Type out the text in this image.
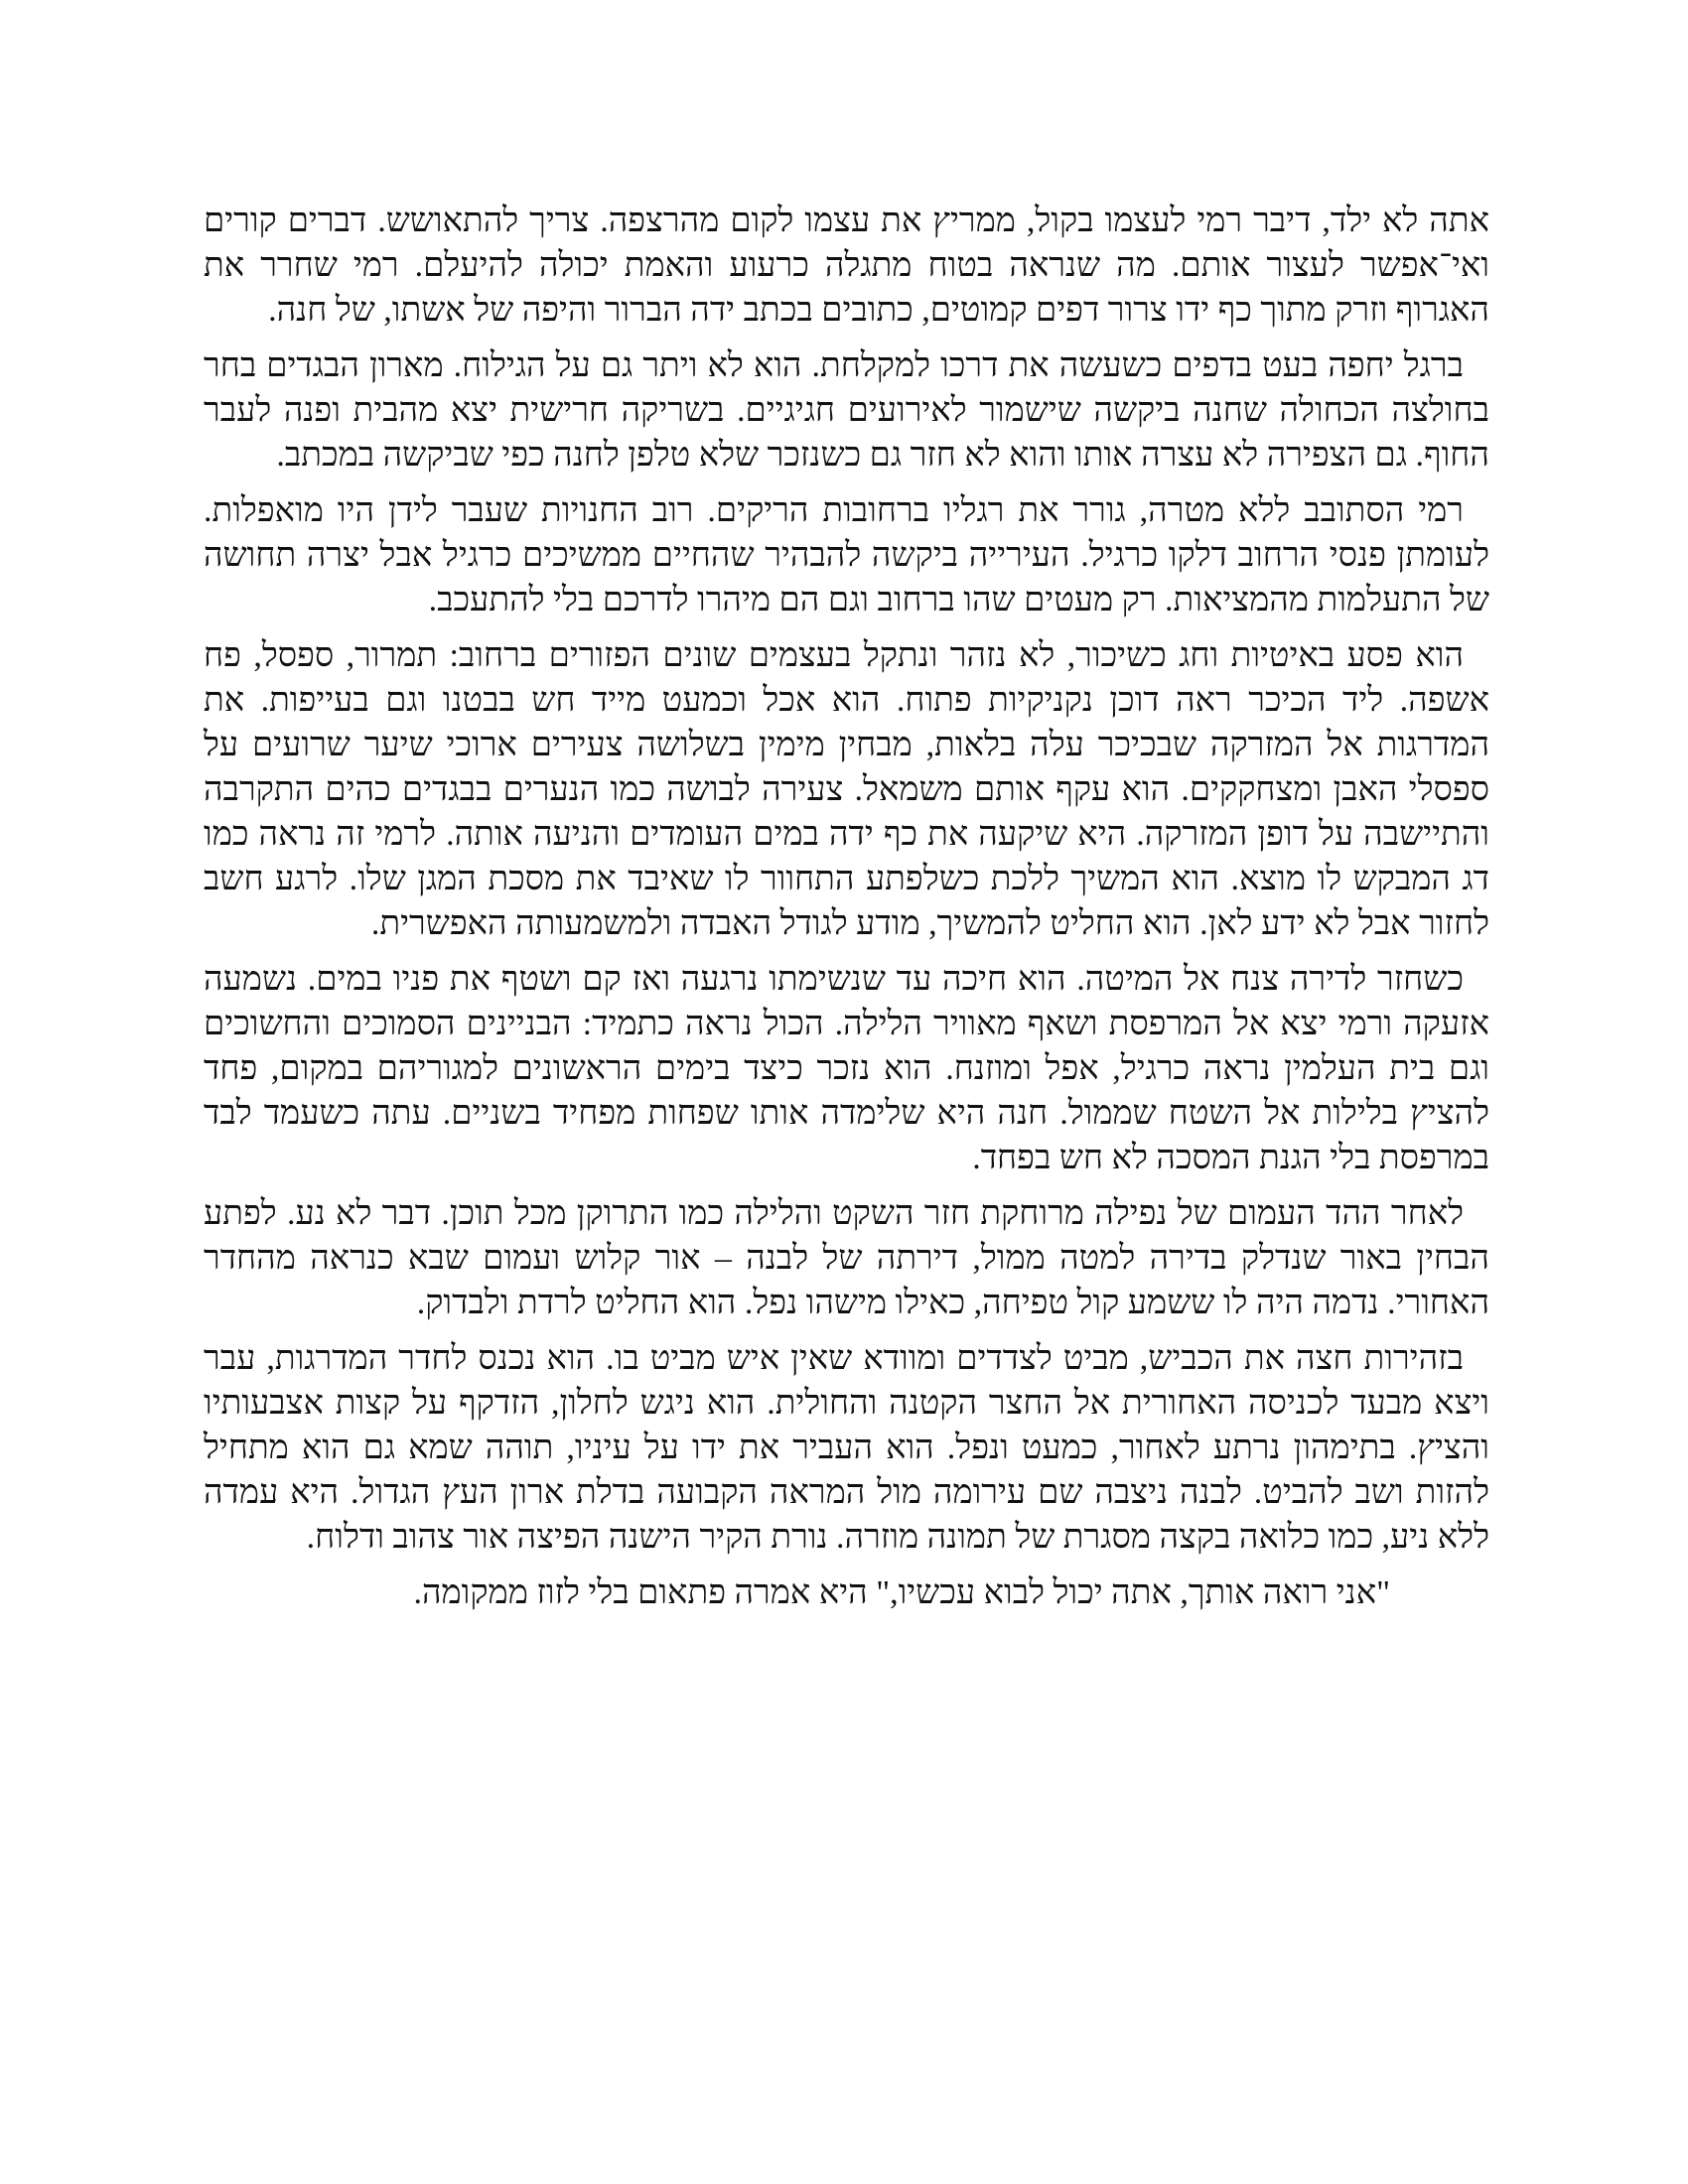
אתה לא ילד, דיבר רמי לעצמו בקול, ממריץ את עצמו לקום מהרצפה. צריך להתאושש. דברים קורים ואי־אפשר לעצור אותם. מה שנראה בטוח מתגלה כרעוע והאמת יכולה להיעלם. רמי שחרר את האגרוף וזרק מתוך כף ידו צרור דפים קמוטים, כתובים בכתב ידה הברור והיפה של אשתו, של חנה.

ברגל יחפה בעט בדפים כשעשה את דרכו למקלחת. הוא לא ויתר גם על הגילוח. מארון הבגדים בחר בחולצה הכחולה שחנה ביקשה שישמור לאירועים חגיגיים. בשריקה חרישית יצא מהבית ופנה לעבר החוף. גם הצפירה לא עצרה אותו והוא לא חזר גם כשנזכר שלא טלפן לחנה כפי שביקשה במכתב.

רמי הסתובב ללא מטרה, גורר את רגליו ברחובות הריקים. רוב החנויות שעבר לידן היו מואפלות. לעומתן פנסי הרחוב דלקו כרגיל. העירייה ביקשה להבהיר שהחיים ממשיכים כרגיל אבל יצרה תחושה של התעלמות מהמציאות. רק מעטים שהו ברחוב וגם הם מיהרו לדרכם בלי להתעכב.

הוא פסע באיטיות וחג כשיכור, לא נזהר ונתקל בעצמים שונים הפזורים ברחוב: תמרור, ספסל, פח אשפה. ליד הכיכר ראה דוכן נקניקיות פתוח. הוא אכל וכמעט מייד חש בבטנו וגם בעייפות. את המדרגות אל המזרקה שבכיכר עלה בלאות, מבחין מימין בשלושה צעירים ארוכי שיער שרועים על ספסלי האבן ומצחקקים. הוא עקף אותם משמאל. צעירה לבושה כמו הנערים בבגדים כהים התקרבה והתיישבה על דופן המזרקה. היא שיקעה את כף ידה במים העומדים והניעה אותה. לרמי זה נראה כמו דג המבקש לו מוצא. הוא המשיך ללכת כשלפתע התחוור לו שאיבד את מסכת המגן שלו. לרגע חשב לחזור אבל לא ידע לאן. הוא החליט להמשיך, מודע לגודל האבדה ולמשמעותה האפשרית.

כשחזר לדירה צנח אל המיטה. הוא חיכה עד שנשימתו נרגעה ואז קם ושטף את פניו במים. נשמעה אזעקה ורמי יצא אל המרפסת ושאף מאוויר הלילה. הכול נראה כתמיד: הבניינים הסמוכים והחשוכים וגם בית העלמין נראה כרגיל, אפל ומוזנח. הוא נזכר כיצד בימים הראשונים למגוריהם במקום, פחד להציץ בלילות אל השטח שממול. חנה היא שלימדה אותו שפחות מפחיד בשניים. עתה כשעמד לבד במרפסת בלי הגנת המסכה לא חש בפחד.

לאחר ההד העמום של נפילה מרוחקת חזר השקט והלילה כמו התרוקן מכל תוכן. דבר לא נע. לפתע הבחין באור שנדלק בדירה למטה ממול, דירתה של לבנה – אור קלוש ועמום שבא כנראה מהחדר האחורי. נדמה היה לו ששמע קול טפיחה, כאילו מישהו נפל. הוא החליט לרדת ולבדוק.

בזהירות חצה את הכביש, מביט לצדדים ומוודא שאין איש מביט בו. הוא נכנס לחדר המדרגות, עבר ויצא מבעד לכניסה האחורית אל החצר הקטנה והחולית. הוא ניגש לחלון, הזדקף על קצות אצבעותיו והציץ. בתימהון נרתע לאחור, כמעט ונפל. הוא העביר את ידו על עיניו, תוהה שמא גם הוא מתחיל להזות ושב להביט. לבנה ניצבה שם עירומה מול המראה הקבועה בדלת ארון העץ הגדול. היא עמדה ללא ניע, כמו כלואה בקצה מסגרת של תמונה מוזרה. נורת הקיר הישנה הפיצה אור צהוב ודלוח.

"אני רואה אותך, אתה יכול לבוא עכשיו," היא אמרה פתאום בלי לזוז ממקומה.
